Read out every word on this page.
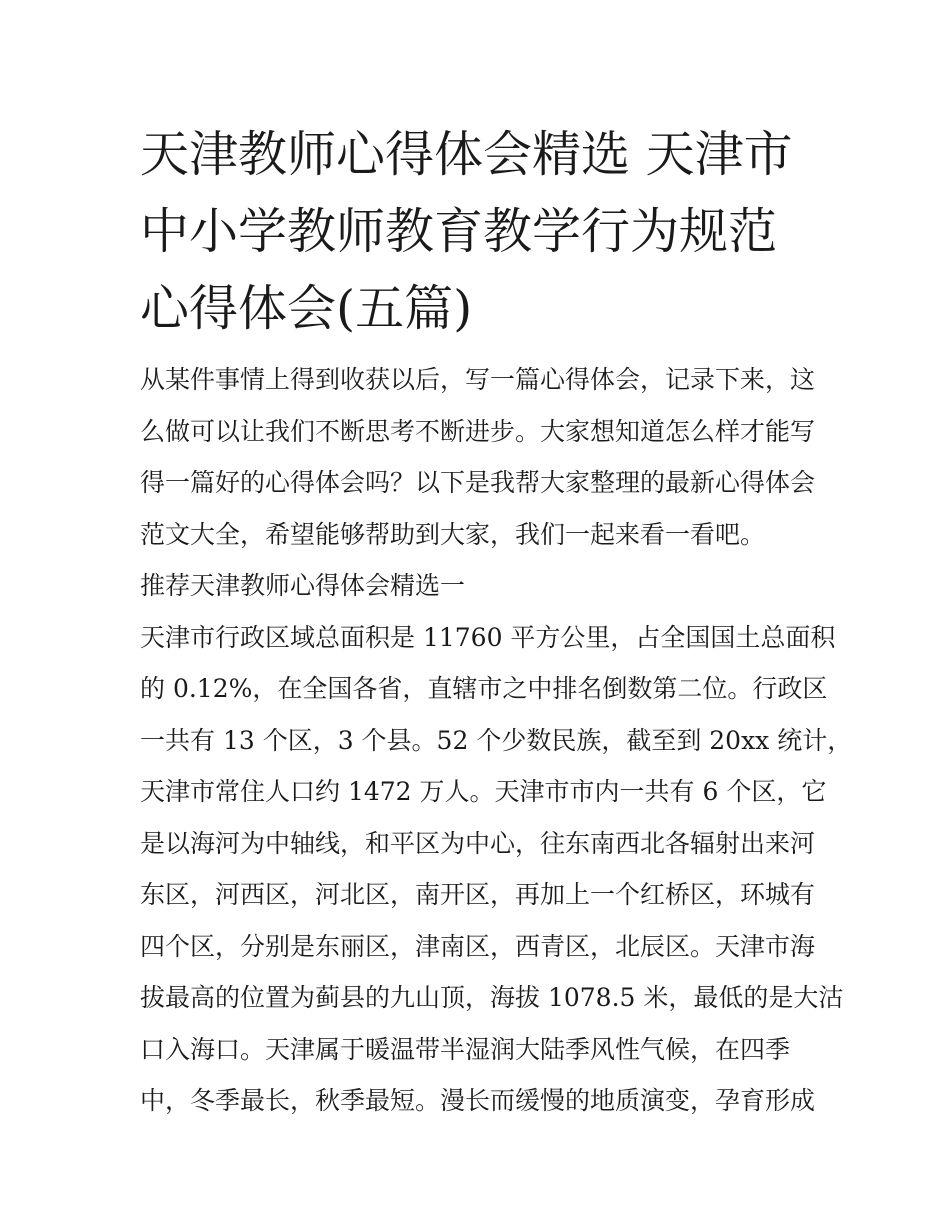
天津教师心得体会精选 天津市
中小学教师教育教学行为规范
心得体会(五篇)
从某件事情上得到收获以后，写一篇心得体会，记录下来，这
么做可以让我们不断思考不断进步。大家想知道怎么样才能写
得一篇好的心得体会吗？以下是我帮大家整理的最新心得体会
范文大全，希望能够帮助到大家，我们一起来看一看吧。
推荐天津教师心得体会精选一
天津市行政区域总面积是 11760 平方公里，占全国国土总面积
的 0.12%，在全国各省，直辖市之中排名倒数第二位。行政区
一共有 13 个区，3 个县。52 个少数民族，截至到 20xx 统计，
天津市常住人口约 1472 万人。天津市市内一共有 6 个区，它
是以海河为中轴线，和平区为中心，往东南西北各辐射出来河
东区，河西区，河北区，南开区，再加上一个红桥区，环城有
四个区，分别是东丽区，津南区，西青区，北辰区。天津市海
拔最高的位置为蓟县的九山顶，海拔 1078.5 米，最低的是大沽
口入海口。天津属于暖温带半湿润大陆季风性气候，在四季
中，冬季最长，秋季最短。漫长而缓慢的地质演变，孕育形成
